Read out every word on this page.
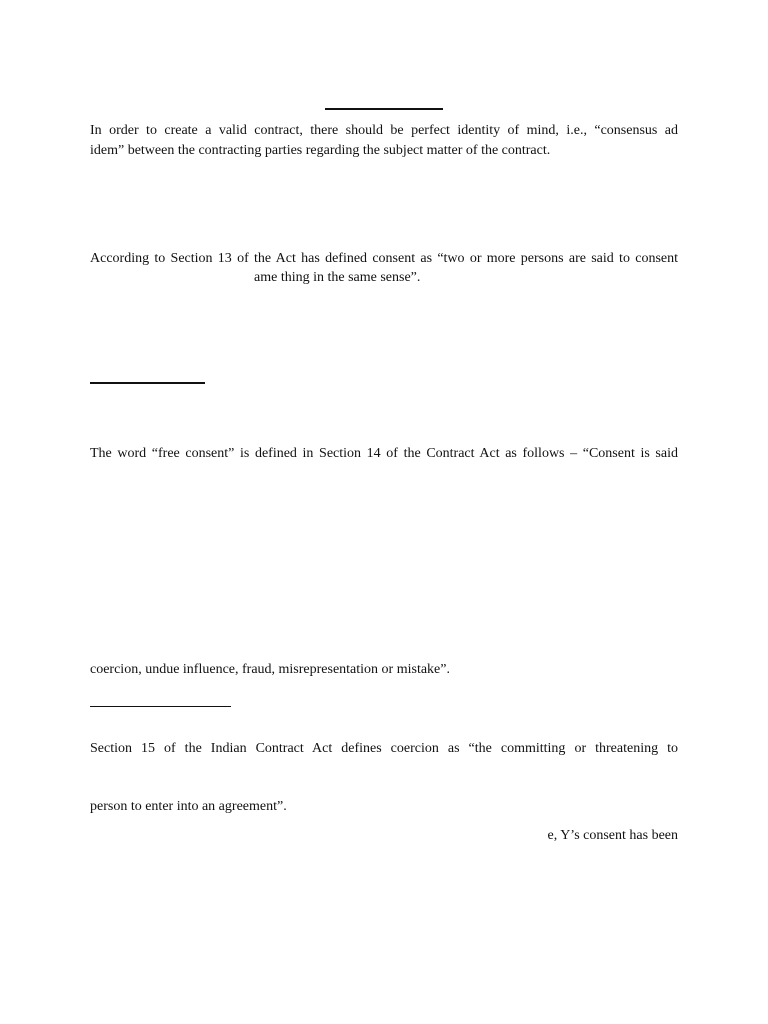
In order to create a valid contract, there should be perfect identity of mind, i.e., “consensus ad

idem” between the contracting parties regarding the subject matter of the contract.

According to Section 13 of the Act has defined consent as “two or more persons are said to consent

ame thing in the same sense”.

The word “free consent” is defined in Section 14 of the Contract Act as follows – “Consent is said

coercion, undue influence, fraud, misrepresentation or mistake”.

Section 15 of the Indian Contract Act defines coercion as “the committing or threatening to

person to enter into an agreement”.

e, Y’s consent has been
